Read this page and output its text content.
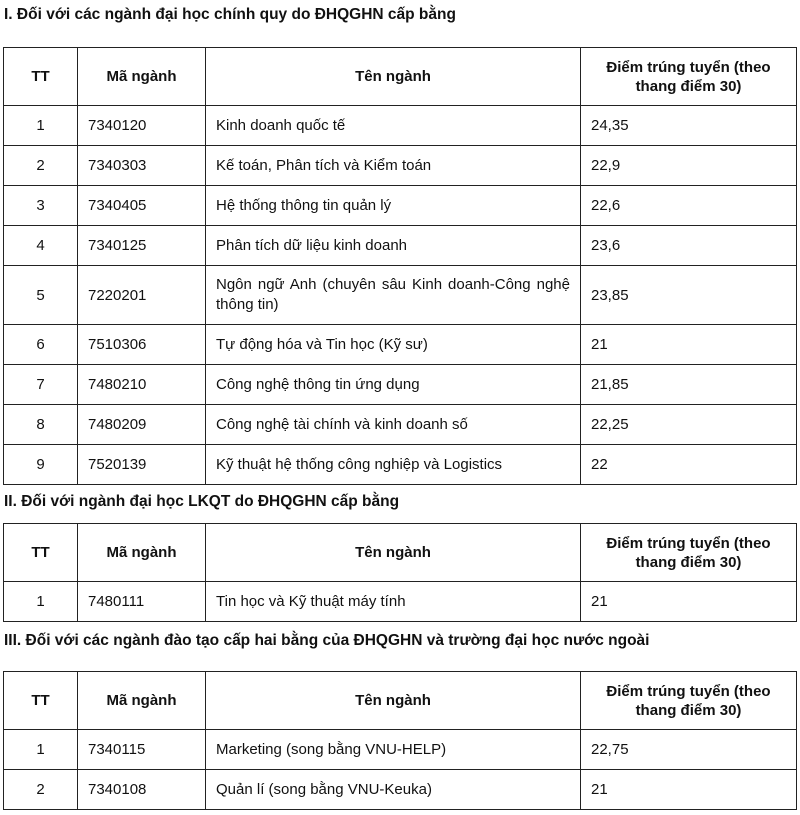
I. Đối với các ngành đại học chính quy do ĐHQGHN cấp bằng
TT	Mã ngành	Tên ngành	Điểm trúng tuyển (theo thang điểm 30)
1	7340120	Kinh doanh quốc tế	24,35
2	7340303	Kế toán, Phân tích và Kiểm toán	22,9
3	7340405	Hệ thống thông tin quản lý	22,6
4	7340125	Phân tích dữ liệu kinh doanh	23,6
5	7220201	Ngôn ngữ Anh (chuyên sâu Kinh doanh-Công nghệ thông tin)	23,85
6	7510306	Tự động hóa và Tin học (Kỹ sư)	21
7	7480210	Công nghệ thông tin ứng dụng	21,85
8	7480209	Công nghệ tài chính và kinh doanh số	22,25
9	7520139	Kỹ thuật hệ thống công nghiệp và Logistics	22
II. Đối với ngành đại học LKQT do ĐHQGHN cấp bằng
TT	Mã ngành	Tên ngành	Điểm trúng tuyển (theo thang điểm 30)
1	7480111	Tin học và Kỹ thuật máy tính	21
III. Đối với các ngành đào tạo cấp hai bằng của ĐHQGHN và trường đại học nước ngoài
TT	Mã ngành	Tên ngành	Điểm trúng tuyển (theo thang điểm 30)
1	7340115	Marketing (song bằng VNU-HELP)	22,75
2	7340108	Quản lí (song bằng VNU-Keuka)	21
